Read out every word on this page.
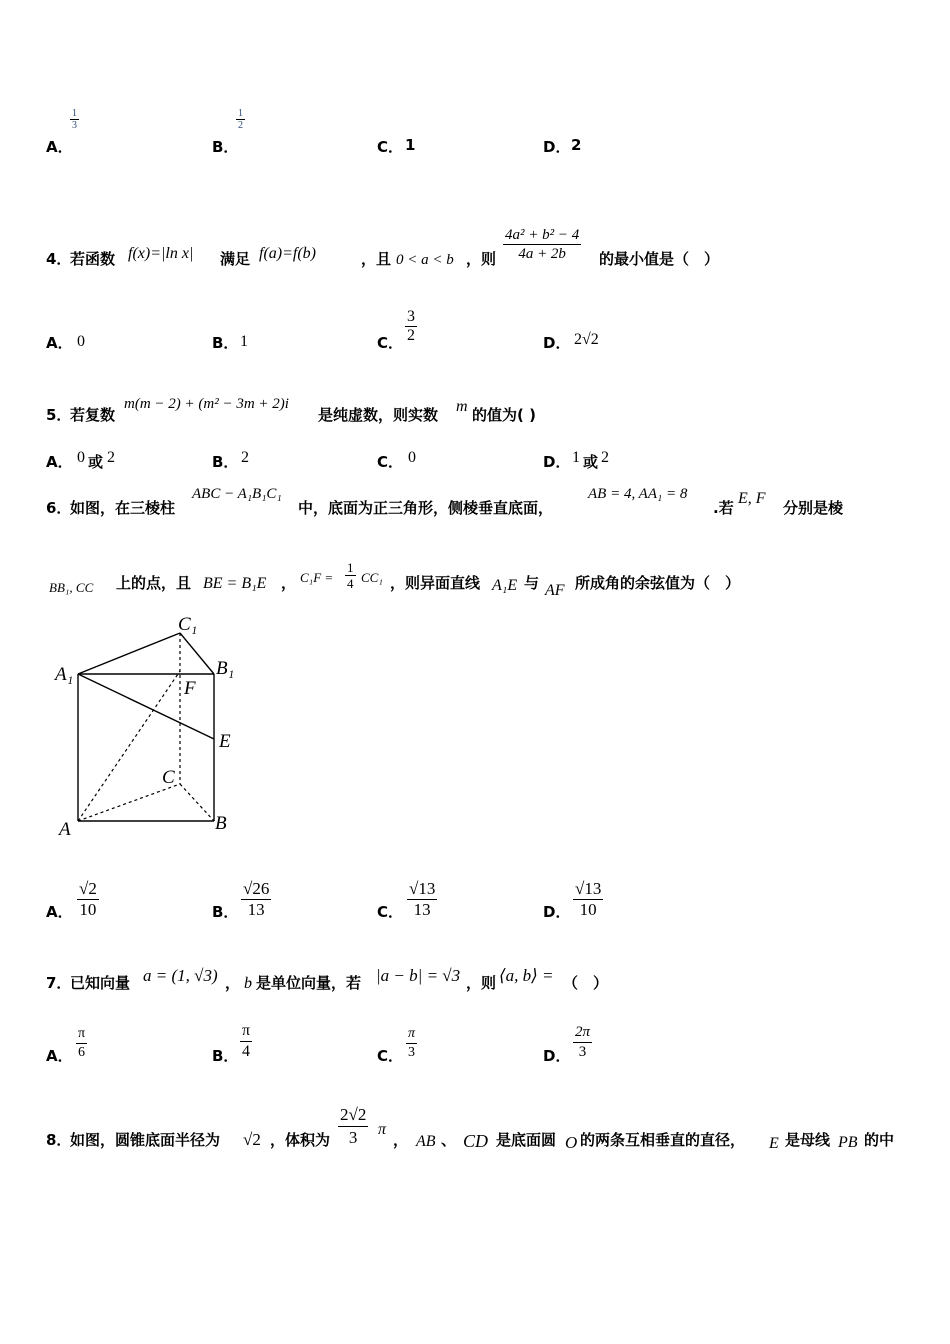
A．
$\frac{1}{3}$
B．
$\frac{1}{2}$
C． 1	D． 2
4．
若函数 f(x)=|ln x| 满足 f(a)=f(b)	，且 0 < a < b ，则 $\frac{\text{4a² + b² − 4}}{4a + 2b}$ 的最小值是（　）
A． 0	B． 1	C． $\frac{3}{2}$	D． 2√2
5．
若复数
m(m − 2) + (m² − 3m + 2)i
是纯虚数，则实数 m 的值为( )
A． 0 或 2	B． 2	C． 0	D． 1 或 2
6．
如图，在三棱柱
ABC − A₁B₁C₁
中，底面为正三角形，侧棱垂直底面，
AB = 4, AA₁ = 8
.若
E, F
分别是棱
BB₁, CC 上的点，且 BE = B₁E ， $C_1F = \frac{1}{4} CC_1$ ，则异面直线 A₁E 与 AF 所成角的余弦值为（　）
C₁
A₁	B₁
F
E
C
A	B
A． $\frac{√2}{10}$	B． $\frac{√26}{13}$	C． $\frac{√13}{13}$	D． $\frac{√13}{10}$
7．
已知向量 a = (1, √3) ， b 是单位向量，若 |a − b| = √3 ，则 ⟨a, b⟩ = （　）
A． $\frac{\pi}{6}$	B． $\frac{\pi}{4}$	C． $\frac{\pi}{3}$	D． $\frac{2\pi}{3}$
8．
如图，圆锥底面半径为 √2 ，体积为 $\frac{2√2}{3}$ π
， AB 、 CD 是底面圆 O 的两条互相垂直的直径， E 是母线 PB 的中
